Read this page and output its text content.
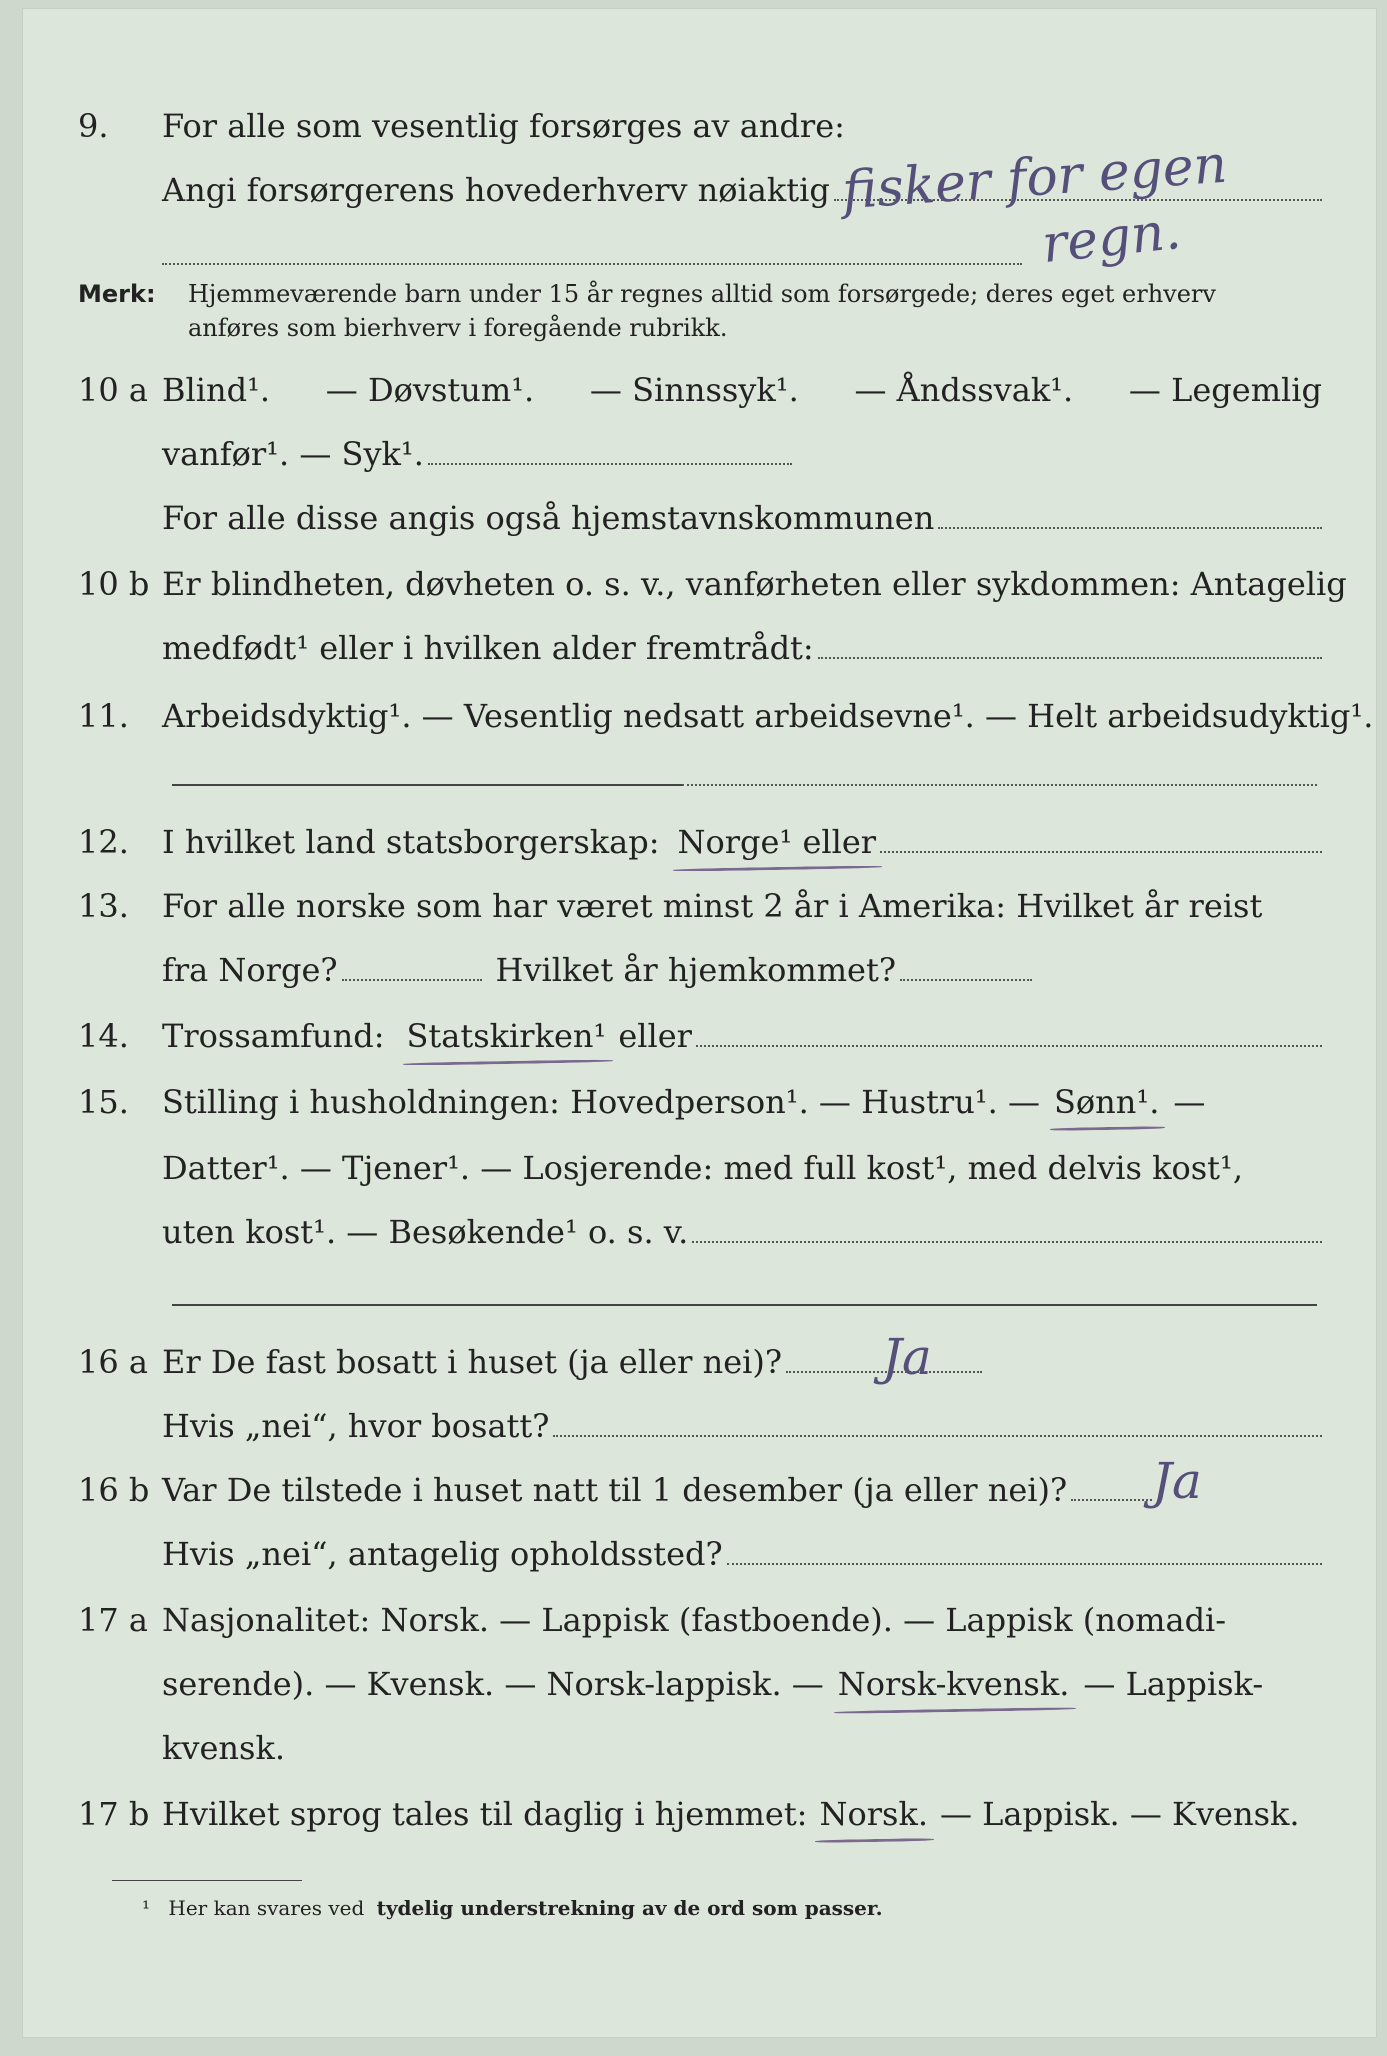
9.	For alle som vesentlig forsørges av andre:
Angi forsørgerens hovederhverv nøiaktig fisker for egen
regn.
Merk: Hjemmeværende barn under 15 år regnes alltid som forsørgede; deres eget erhverv
anføres som bierhverv i foregående rubrikk.
10 a Blind¹. — Døvstum¹. — Sinnssyk¹. — Åndssvak¹. — Legemlig
vanfør¹. — Syk¹.
For alle disse angis også hjemstavnskommunen
10 b Er blindheten, døvheten o. s. v., vanførheten eller sykdommen: Antagelig
medfødt¹ eller i hvilken alder fremtrådt:
11.	Arbeidsdyktig¹. — Vesentlig nedsatt arbeidsevne¹. — Helt arbeidsudyktig¹.
12.	I hvilket land statsborgerskap: Norge¹ eller
13.	For alle norske som har været minst 2 år i Amerika: Hvilket år reist
fra Norge?	Hvilket år hjemkommet?
14.	Trossamfund: Statskirken¹ eller
15.	Stilling i husholdningen: Hovedperson¹. — Hustru¹. — Sønn¹. —
Datter¹. — Tjener¹. — Losjerende: med full kost¹, med delvis kost¹,
uten kost¹. — Besøkende¹ o. s. v.
16 a Er De fast bosatt i huset (ja eller nei)? Ja
Hvis „nei“, hvor bosatt?
16 b Var De tilstede i huset natt til 1 desember (ja eller nei)? Ja
Hvis „nei“, antagelig opholdssted?
17 a Nasjonalitet: Norsk. — Lappisk (fastboende). — Lappisk (nomadi-
serende). — Kvensk. — Norsk-lappisk. — Norsk-kvensk. — Lappisk-
kvensk.
17 b Hvilket sprog tales til daglig i hjemmet: Norsk. — Lappisk. — Kvensk.
¹ Her kan svares ved tydelig understrekning av de ord som passer.
